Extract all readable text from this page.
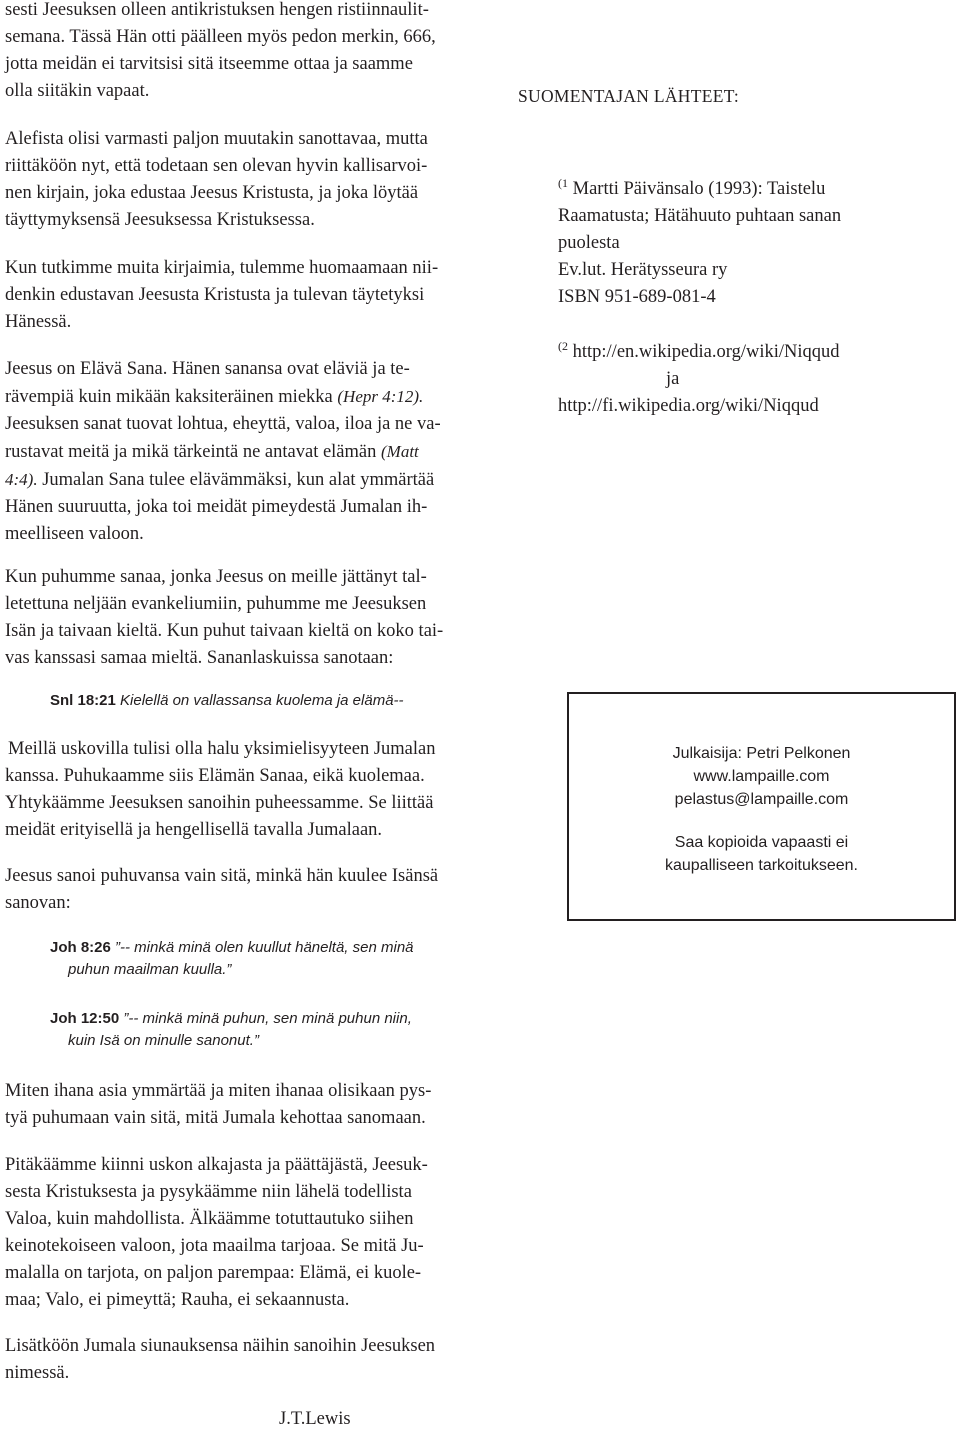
sesti Jeesuksen olleen antikristuksen hengen ristiinnaulit-
semana. Tässä Hän otti päälleen myös pedon merkin, 666,
jotta meidän ei tarvitsisi sitä itseemme ottaa ja saamme
olla siitäkin vapaat.
Alefista olisi varmasti paljon muutakin sanottavaa, mutta
riittäköön nyt, että todetaan sen olevan hyvin kallisarvoi-
nen kirjain, joka edustaa Jeesus Kristusta, ja joka löytää
täyttymyksensä Jeesuksessa Kristuksessa.
Kun tutkimme muita kirjaimia, tulemme huomaamaan nii-
denkin edustavan Jeesusta Kristusta ja tulevan täytetyksi
Hänessä.
Jeesus on Elävä Sana. Hänen sanansa ovat eläviä ja te-
rävempiä kuin mikään kaksiteräinen miekka (Hepr 4:12).
Jeesuksen sanat tuovat lohtua, eheyttä, valoa, iloa ja ne va-
rustavat meitä ja mikä tärkeintä ne antavat elämän (Matt
4:4). Jumalan Sana tulee elävämmäksi, kun alat ymmärtää
Hänen suuruutta, joka toi meidät pimeydestä Jumalan ih-
meelliseen valoon.
Kun puhumme sanaa, jonka Jeesus on meille jättänyt tal-
letettuna neljään evankeliumiin, puhumme me Jeesuksen
Isän ja taivaan kieltä. Kun puhut taivaan kieltä on koko tai-
vas kanssasi samaa mieltä. Sananlaskuissa sanotaan:
Snl 18:21 Kielellä on vallassansa kuolema ja elämä--
Meillä uskovilla tulisi olla halu yksimielisyyteen Jumalan
kanssa. Puhukaamme siis Elämän Sanaa, eikä kuolemaa.
Yhtykäämme Jeesuksen sanoihin puheessamme. Se liittää
meidät erityisellä ja hengellisellä tavalla Jumalaan.
Jeesus sanoi puhuvansa vain sitä, minkä hän kuulee Isänsä
sanovan:
Joh 8:26 ”-- minkä minä olen kuullut häneltä, sen minä
puhun maailman kuulla.”
Joh 12:50 ”-- minkä minä puhun, sen minä puhun niin,
kuin Isä on minulle sanonut.”
Miten ihana asia ymmärtää ja miten ihanaa olisikaan pys-
tyä puhumaan vain sitä, mitä Jumala kehottaa sanomaan.
Pitäkäämme kiinni uskon alkajasta ja päättäjästä, Jeesuk-
sesta Kristuksesta ja pysykäämme niin lähelä todellista
Valoa, kuin mahdollista. Älkäämme totuttautuko siihen
keinotekoiseen valoon, jota maailma tarjoaa. Se mitä Ju-
malalla on tarjota, on paljon parempaa: Elämä, ei kuole-
maa; Valo, ei pimeyttä; Rauha, ei sekaannusta.
Lisätköön Jumala siunauksensa näihin sanoihin Jeesuksen
nimessä.
J.T.Lewis
SUOMENTAJAN LÄHTEET:
$^{(1}$ Martti Päivänsalo (1993): Taistelu
Raamatusta; Hätähuuto puhtaan sanan
puolesta
Ev.lut. Herätysseura ry
ISBN 951-689-081-4
$^{(2}$ http://en.wikipedia.org/wiki/Niqqud
ja
http://fi.wikipedia.org/wiki/Niqqud
Julkaisija: Petri Pelkonen
www.lampaille.com
pelastus@lampaille.com
Saa kopioida vapaasti ei
kaupalliseen tarkoitukseen.
